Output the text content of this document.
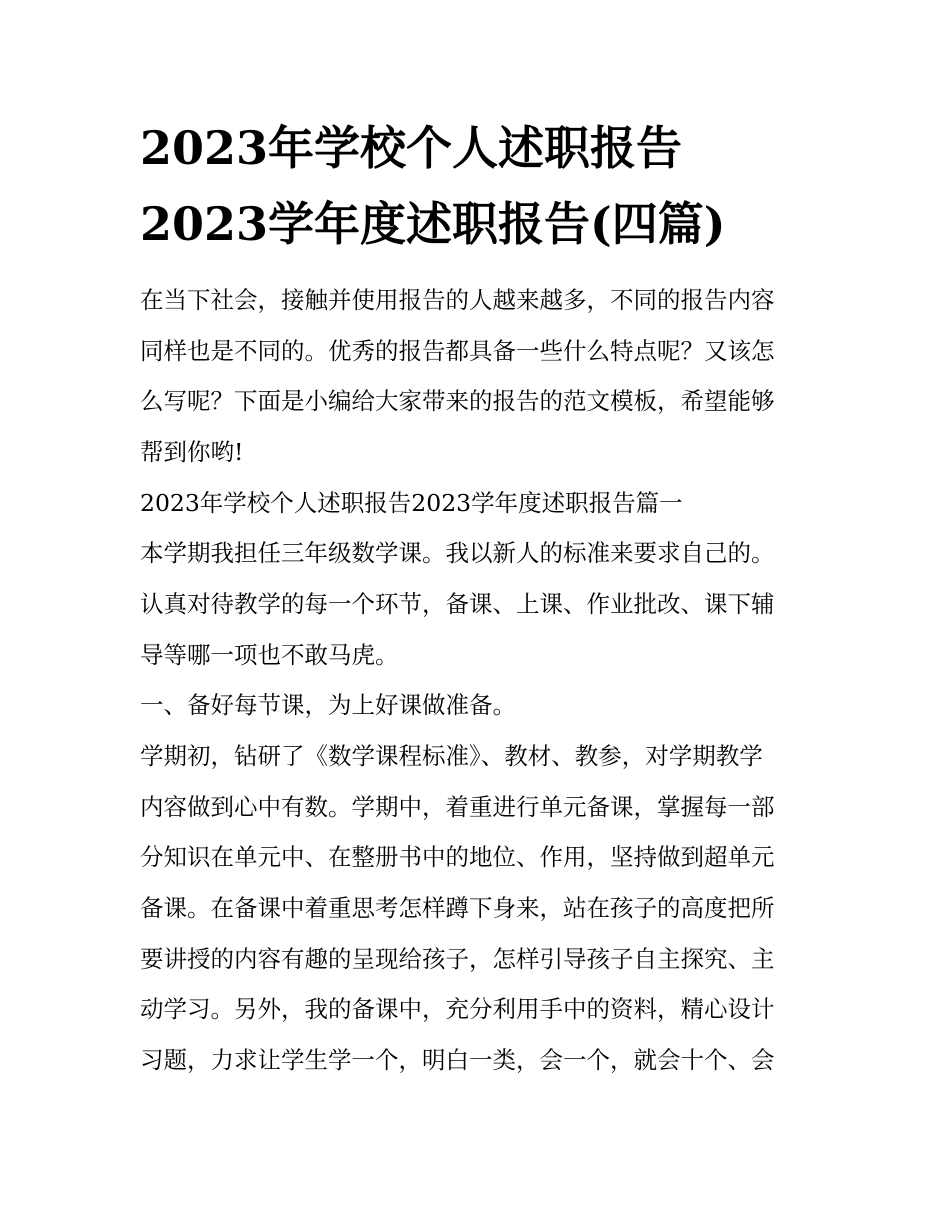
2023年学校个人述职报告
2023学年度述职报告(四篇)
在当下社会，接触并使用报告的人越来越多，不同的报告内容
同样也是不同的。优秀的报告都具备一些什么特点呢？又该怎
么写呢？下面是小编给大家带来的报告的范文模板，希望能够
帮到你哟!
2023年学校个人述职报告2023学年度述职报告篇一
本学期我担任三年级数学课。我以新人的标准来要求自己的。
认真对待教学的每一个环节，备课、上课、作业批改、课下辅
导等哪一项也不敢马虎。
一、备好每节课，为上好课做准备。
学期初，钻研了《数学课程标准》、教材、教参，对学期教学
内容做到心中有数。学期中，着重进行单元备课，掌握每一部
分知识在单元中、在整册书中的地位、作用，坚持做到超单元
备课。在备课中着重思考怎样蹲下身来，站在孩子的高度把所
要讲授的内容有趣的呈现给孩子，怎样引导孩子自主探究、主
动学习。另外，我的备课中，充分利用手中的资料，精心设计
习题，力求让学生学一个，明白一类，会一个，就会十个、会
